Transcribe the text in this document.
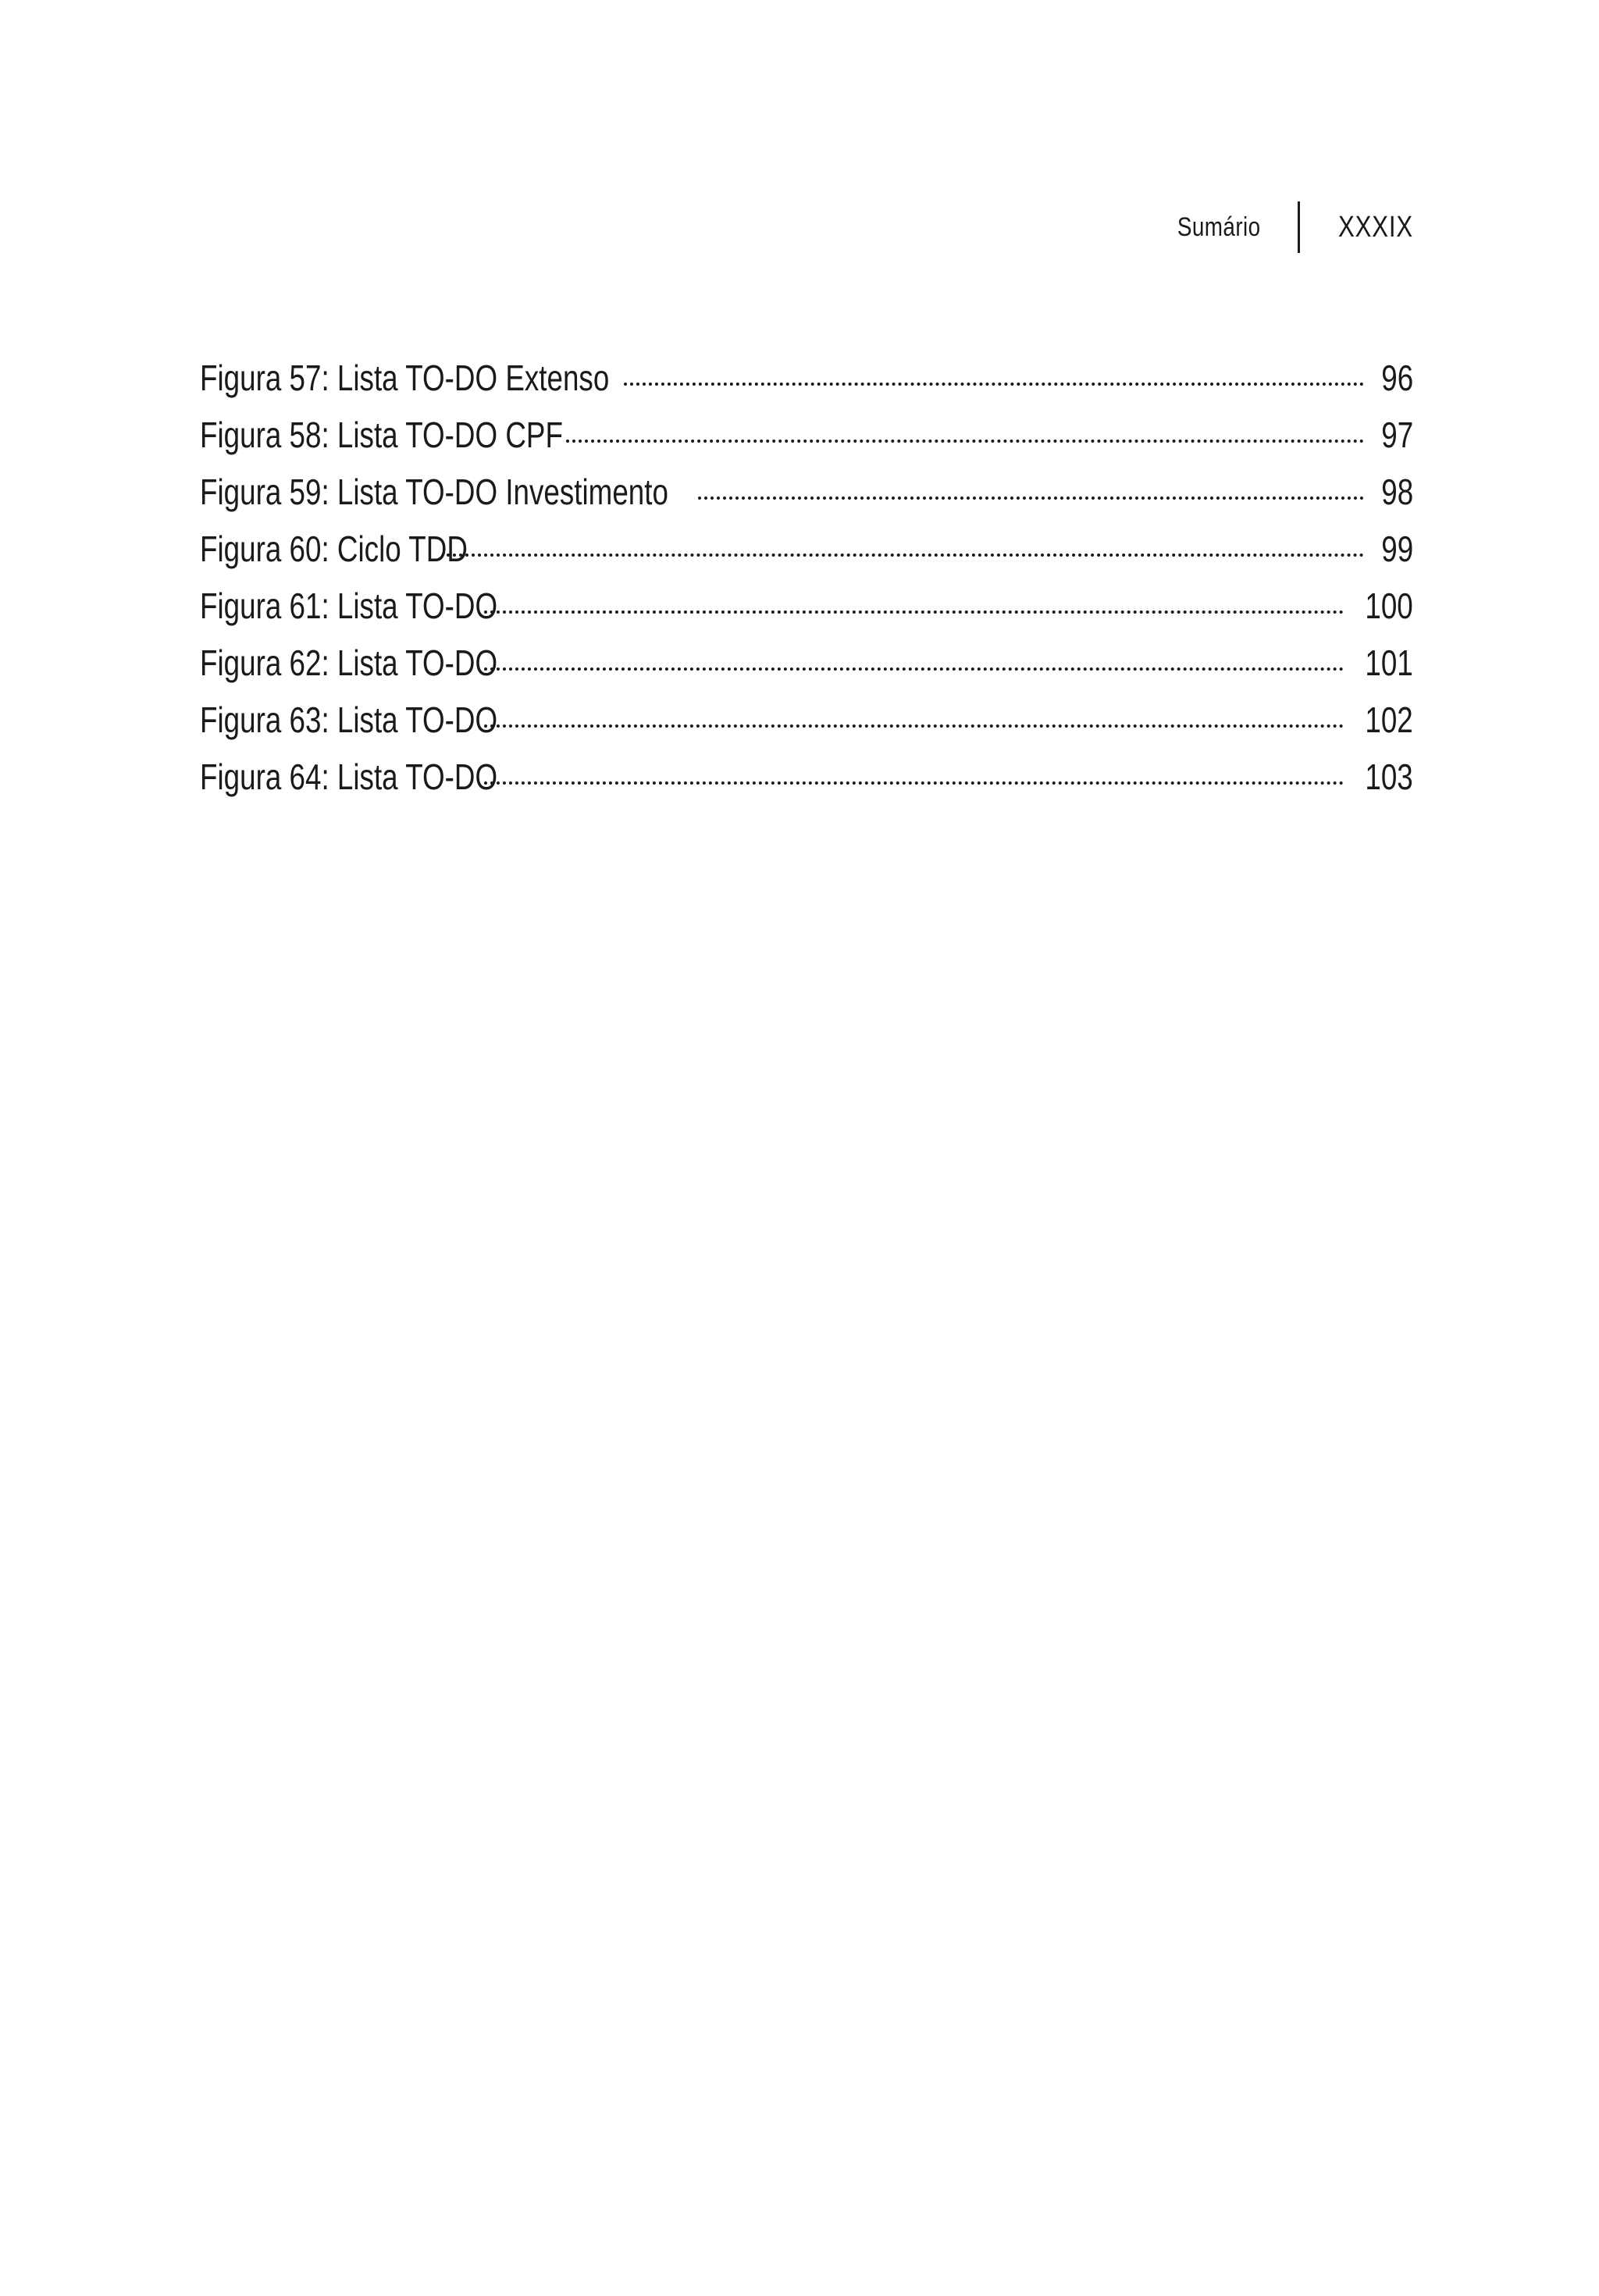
Sumário	XXXIX
Figura 57: Lista TO-DO Extenso	96
Figura 58: Lista TO-DO CPF	97
Figura 59: Lista TO-DO Investimento	98
Figura 60: Ciclo TDD	99
Figura 61: Lista TO-DO	100
Figura 62: Lista TO-DO	101
Figura 63: Lista TO-DO	102
Figura 64: Lista TO-DO	103
